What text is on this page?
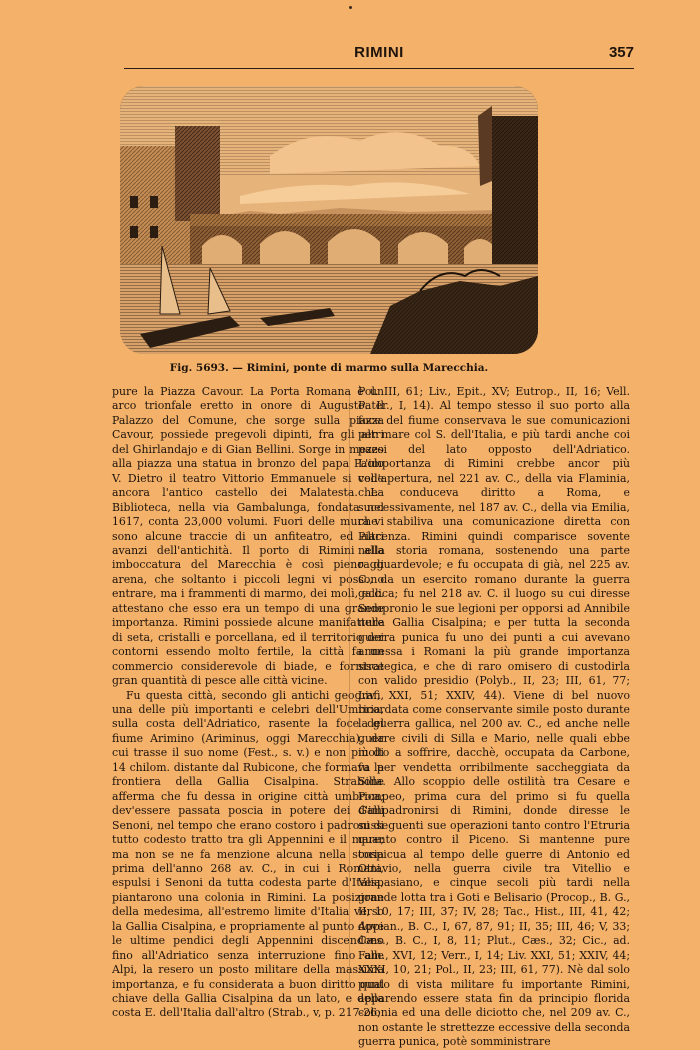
RIMINI	357
Fig. 5693. — Rimini, ponte di marmo sulla Marecchia.

pure la Piazza Cavour. La Porta Romana è un arco trionfale eretto in onore di Augusto. Il Palazzo del Comune, che sorge sulla piazza Cavour, possiede pregevoli dipinti, fra gli altri del Ghirlandajo e di Gian Bellini. Sorge in mezzo alla piazza una statua in bronzo del papa Paolo V. Dietro il teatro Vittorio Emmanuele si vede ancora l'antico castello dei Malatesta. La Biblioteca, nella via Gambalunga, fondata nel 1617, conta 23,000 volumi. Fuori delle mura vi sono alcune traccie di un anfiteatro, ed altri avanzi dell'antichità. Il porto di Rimini alla imboccatura del Marecchia è così pieno di arena, che soltanto i piccoli legni vi possono entrare, ma i frammenti di marmo, dei molì, ecc. attestano che esso era un tempo di una grande importanza. Rimini possiede alcune manifatture di seta, cristalli e porcellana, ed il territorio dei contorni essendo molto fertile, la città fa un commercio considerevole di biade, e fornisce gran quantità di pesce alle città vicine.

Fu questa città, secondo gli antichi geografi, una delle più importanti e celebri dell'Umbria, sulla costa dell'Adriatico, rasente la foce del fiume Arimino (Ariminus, oggi Marecchia), da cui trasse il suo nome (Fest., s. v.) e non più di 14 chilom. distante dal Rubicone, che formava la frontiera della Gallia Cisalpina. Strabone afferma che fu dessa in origine città umbrica; dev'essere passata poscia in potere dei Galli Senoni, nel tempo che erano costoro i padroni di tutto codesto tratto tra gli Appennini e il mare; ma non se ne fa menzione alcuna nella storia prima dell'anno 268 av. C., in cui i Romani, espulsi i Senoni da tutta codesta parte d'Italia, piantarono una colonia in Rimini. La posizione della medesima, all'estremo limite d'Italia verso la Gallia Cisalpina, e propriamente al punto dove le ultime pendici degli Appennini discendono fino all'Adriatico senza interruzione fino alle Alpi, la resero un posto militare della massima importanza, e fu considerata a buon diritto qual chiave della Gallia Cisalpina da un lato, e della costa E. dell'Italia dall'altro (Strab., v, p. 217-26;

Pol. III, 61; Liv., Epit., XV; Eutrop., II, 16; Vell. Pater., I, 14). Al tempo stesso il suo porto alla foce del fiume conservava le sue comunicazioni per mare col S. dell'Italia, e più tardi anche coi paesi del lato opposto dell'Adriatico. L'importanza di Rimini crebbe ancor più coll'apertura, nel 221 av. C., della via Flaminia, che conduceva diritto a Roma, e successivamente, nel 187 av. C., della via Emilia, che stabiliva una comunicazione diretta con Piacenza. Rimini quindi comparisce sovente nella storia romana, sostenendo una parte ragguardevole; e fu occupata di già, nel 225 av. C., da un esercito romano durante la guerra gallica; fu nel 218 av. C. il luogo su cui diresse Sempronio le sue legioni per opporsi ad Annibile nella Gallia Cisalpina; e per tutta la seconda guerra punica fu uno dei punti a cui avevano annessa i Romani la più grande importanza strategica, e che di raro omisero di custodirla con valido presidio (Polyb., II, 23; III, 61, 77; Liv., XXI, 51; XXIV, 44). Viene di bel nuovo ricordata come conservante simile posto durante la guerra gallica, nel 200 av. C., ed anche nelle guerre civili di Silla e Mario, nelle quali ebbe molto a soffrire, dacchè, occupata da Carbone, fu per vendetta orribilmente saccheggiata da Silla. Allo scoppio delle ostilità tra Cesare e Pompeo, prima cura del primo si fu quella d'impadronirsi di Rimini, donde diresse le susseguenti sue operazioni tanto contro l'Etruria quanto contro il Piceno. Si mantenne pure cospicua al tempo delle guerre di Antonio ed Ottavio, nella guerra civile tra Vitellio e Vespasiano, e cinque secoli più tardi nella grande lotta tra i Goti e Belisario (Procop., B. G., II, 10, 17; III, 37; IV, 28; Tac., Hist., III, 41, 42; Appian., B. C., I, 67, 87, 91; II, 35; III, 46; V, 33; Cæs., B. C., I, 8, 11; Plut., Cæs., 32; Cic., ad. Fam., XVI, 12; Verr., I, 14; Liv. XXI, 51; XXIV, 44; XXXI, 10, 21; Pol., II, 23; III, 61, 77). Nè dal solo punto di vista militare fu importante Rimini, apparendo essere stata fin da principio florida colonia ed una delle diciotto che, nel 209 av. C., non ostante le strettezze eccessive della seconda guerra punica, potè somministrare
